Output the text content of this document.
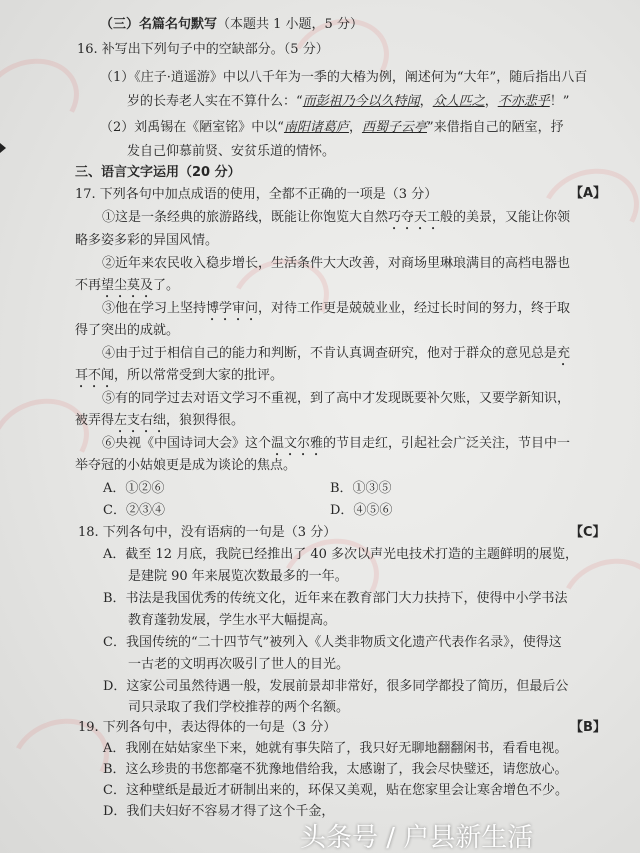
（三）名篇名句默写（本题共 1 小题，5 分）
16. 补写出下列句子中的空缺部分。（5 分）
（1）《庄子·逍遥游》中以八千年为一季的大椿为例，阐述何为“大年”，随后指出八百
岁的长寿老人实在不算什么：“而彭祖乃今以久特闻，众人匹之，不亦悲乎！”
（2）刘禹锡在《陋室铭》中以“南阳诸葛庐，西蜀子云亭”来借指自己的陋室，抒
发自己仰慕前贤、安贫乐道的情怀。
三、语言文字运用（20 分）
17. 下列各句中加点成语的使用，全都不正确的一项是（3 分）
①这是一条经典的旅游路线，既能让你饱览大自然巧夺天工般的美景，又能让你领
略多姿多彩的异国风情。
②近年来农民收入稳步增长，生活条件大大改善，对商场里琳琅满目的高档电器也
不再望尘莫及了。
③他在学习上坚持博学审问，对待工作更是兢兢业业，经过长时间的努力，终于取
得了突出的成就。
④由于过于相信自己的能力和判断，不肯认真调查研究，他对于群众的意见总是充
耳不闻，所以常常受到大家的批评。
⑤有的同学过去对语文学习不重视，到了高中才发现既要补欠账，又要学新知识，
被弄得左支右绌，狼狈得很。
⑥央视《中国诗词大会》这个温文尔雅的节目走红，引起社会广泛关注，节目中一
举夺冠的小姑娘更是成为谈论的焦点。
A．①②⑥	B．①③⑤
C．②③④	D．④⑤⑥
18. 下列各句中，没有语病的一句是（3 分）
A．截至 12 月底，我院已经推出了 40 多次以声光电技术打造的主题鲜明的展览，
是建院 90 年来展览次数最多的一年。
B．书法是我国优秀的传统文化，近年来在教育部门大力扶持下，使得中小学书法
教育蓬勃发展，学生水平大幅提高。
C．我国传统的“二十四节气”被列入《人类非物质文化遗产代表作名录》，使得这
一古老的文明再次吸引了世人的目光。
D．这家公司虽然待遇一般，发展前景却非常好，很多同学都投了简历，但最后公
司只录取了我们学校推荐的两个名额。
19. 下列各句中，表达得体的一句是（3 分）
A．我刚在姑姑家坐下来，她就有事失陪了，我只好无聊地翻翻闲书，看看电视。
B．这么珍贵的书您都毫不犹豫地借给我，太感谢了，我会尽快璧还，请您放心。
C．这种壁纸是最近才研制出来的，环保又美观，贴在您家里会让寒舍增色不少。
D．我们夫妇好不容易才得了这个千金，
【A】
【C】
【B】
头条号 / 户县新生活
